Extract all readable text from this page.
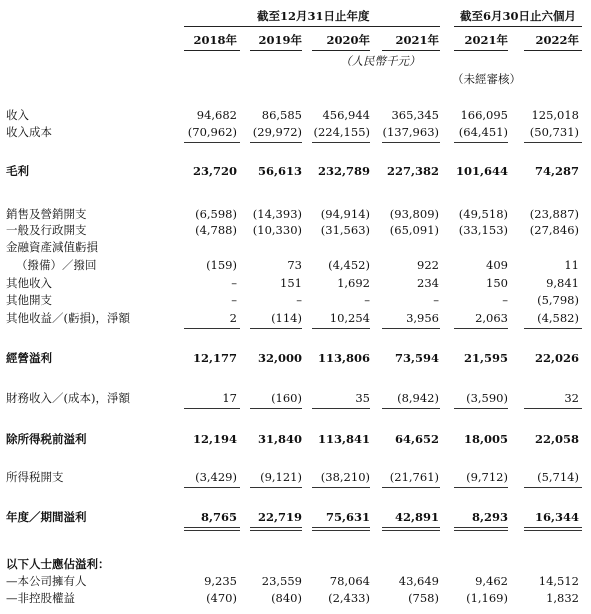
截至12月31日止年度	截至6月30日止六個月
2018年 2019年 2020年 2021年 2021年 2022年
（人民幣千元）
（未經審核）
收入	94,682 86,585 456,944 365,345 166,095 125,018
收入成本	(70,962) (29,972) (224,155) (137,963) (64,451) (50,731)
毛利	23,720 56,613 232,789 227,382 101,644 74,287
銷售及營銷開支	(6,598) (14,393) (94,914) (93,809) (49,518) (23,887)
一般及行政開支	(4,788) (10,330) (31,563) (65,091) (33,153) (27,846)
金融資產減值虧損
（撥備）／撥回	(159)	73 (4,452)	922	409	11
其他收入	–	151	1,692	234	150	9,841
其他開支	–	–	–	–	–	(5,798)
其他收益／(虧損)，淨額	2	(114) 10,254	3,956	2,063	(4,582)
經營溢利	12,177 32,000 113,806 73,594 21,595 22,026
財務收入／(成本)，淨額	17	(160)	35 (8,942) (3,590)	32
除所得税前溢利	12,194 31,840 113,841 64,652 18,005 22,058
所得税開支	(3,429) (9,121) (38,210) (21,761) (9,712)	(5,714)
年度／期間溢利	8,765 22,719 75,631 42,891	8,293 16,344
以下人士應佔溢利：
—本公司擁有人	9,235 23,559 78,064	43,649	9,462	14,512
—非控股權益	(470)	(840) (2,433)	(758) (1,169)	1,832
